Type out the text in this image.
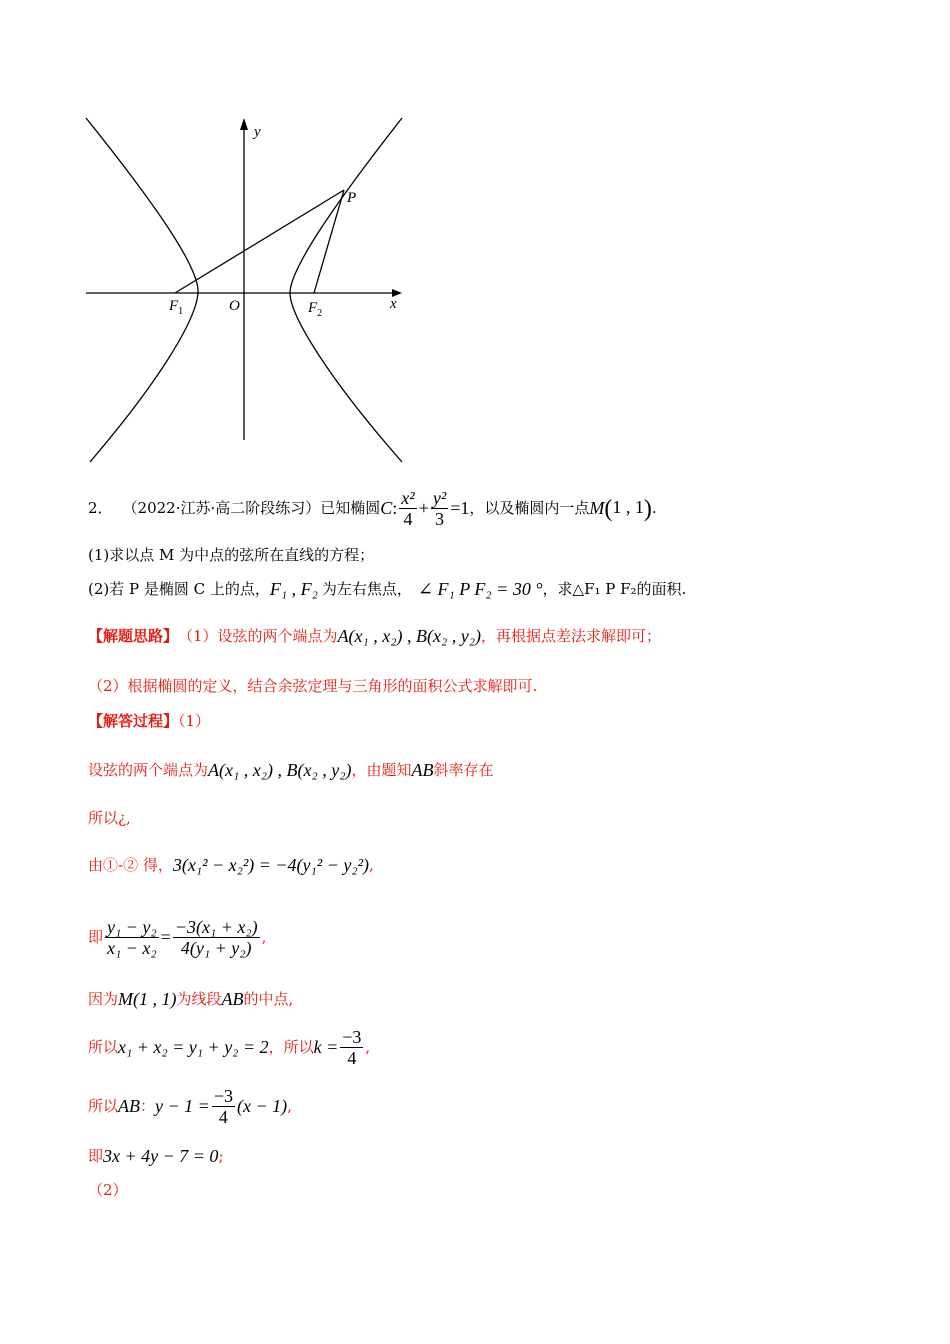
y
x
O
P
$F_1$	$F_2$
2． （2022·江苏·高二阶段练习）已知椭圆 C : $\frac{\text{x²}}{4} + \frac{\text{y²}}{3} =1$ ，以及椭圆内一点 M (1 , 1) .
(1)求以点 M 为中点的弦所在直线的方程；
(2)若 P 是椭圆 C 上的点， F₁ , F₂ 为左右焦点， ∠ F₁ P F₂ = 30 ° ，求△F₁ P F₂的面积.
【解题思路】 （1）设弦的两个端点为 A(x₁ , x₂) , B(x₂ , y₂) ，再根据点差法求解即可；
（2）根据椭圆的定义，结合余弦定理与三角形的面积公式求解即可.
【解答过程】（1）
设弦的两个端点为 A(x₁ , x₂) , B(x₂ , y₂) ，由题知 AB 斜率存在
所以¿,
由①-② 得， 3(x₁² − x₂²) = −4(y₁² − y₂²) ,
即 $\frac{\text{y₁ − y₂}}{\text{x₁ − x₂}} = \frac{\text{−3(x₁ + x₂)}}{\text{4(y₁ + y₂)}}$ ,
因为 M(1 , 1) 为线段 AB 的中点,
所以 x₁ + x₂ = y₁ + y₂ = 2 ，所以 $k = \frac{-3}{4}$ ,
所以 AB ： $y - 1 = \frac{-3}{4} (x - 1)$ ,
即 3x + 4y − 7 = 0 ;
（2）
